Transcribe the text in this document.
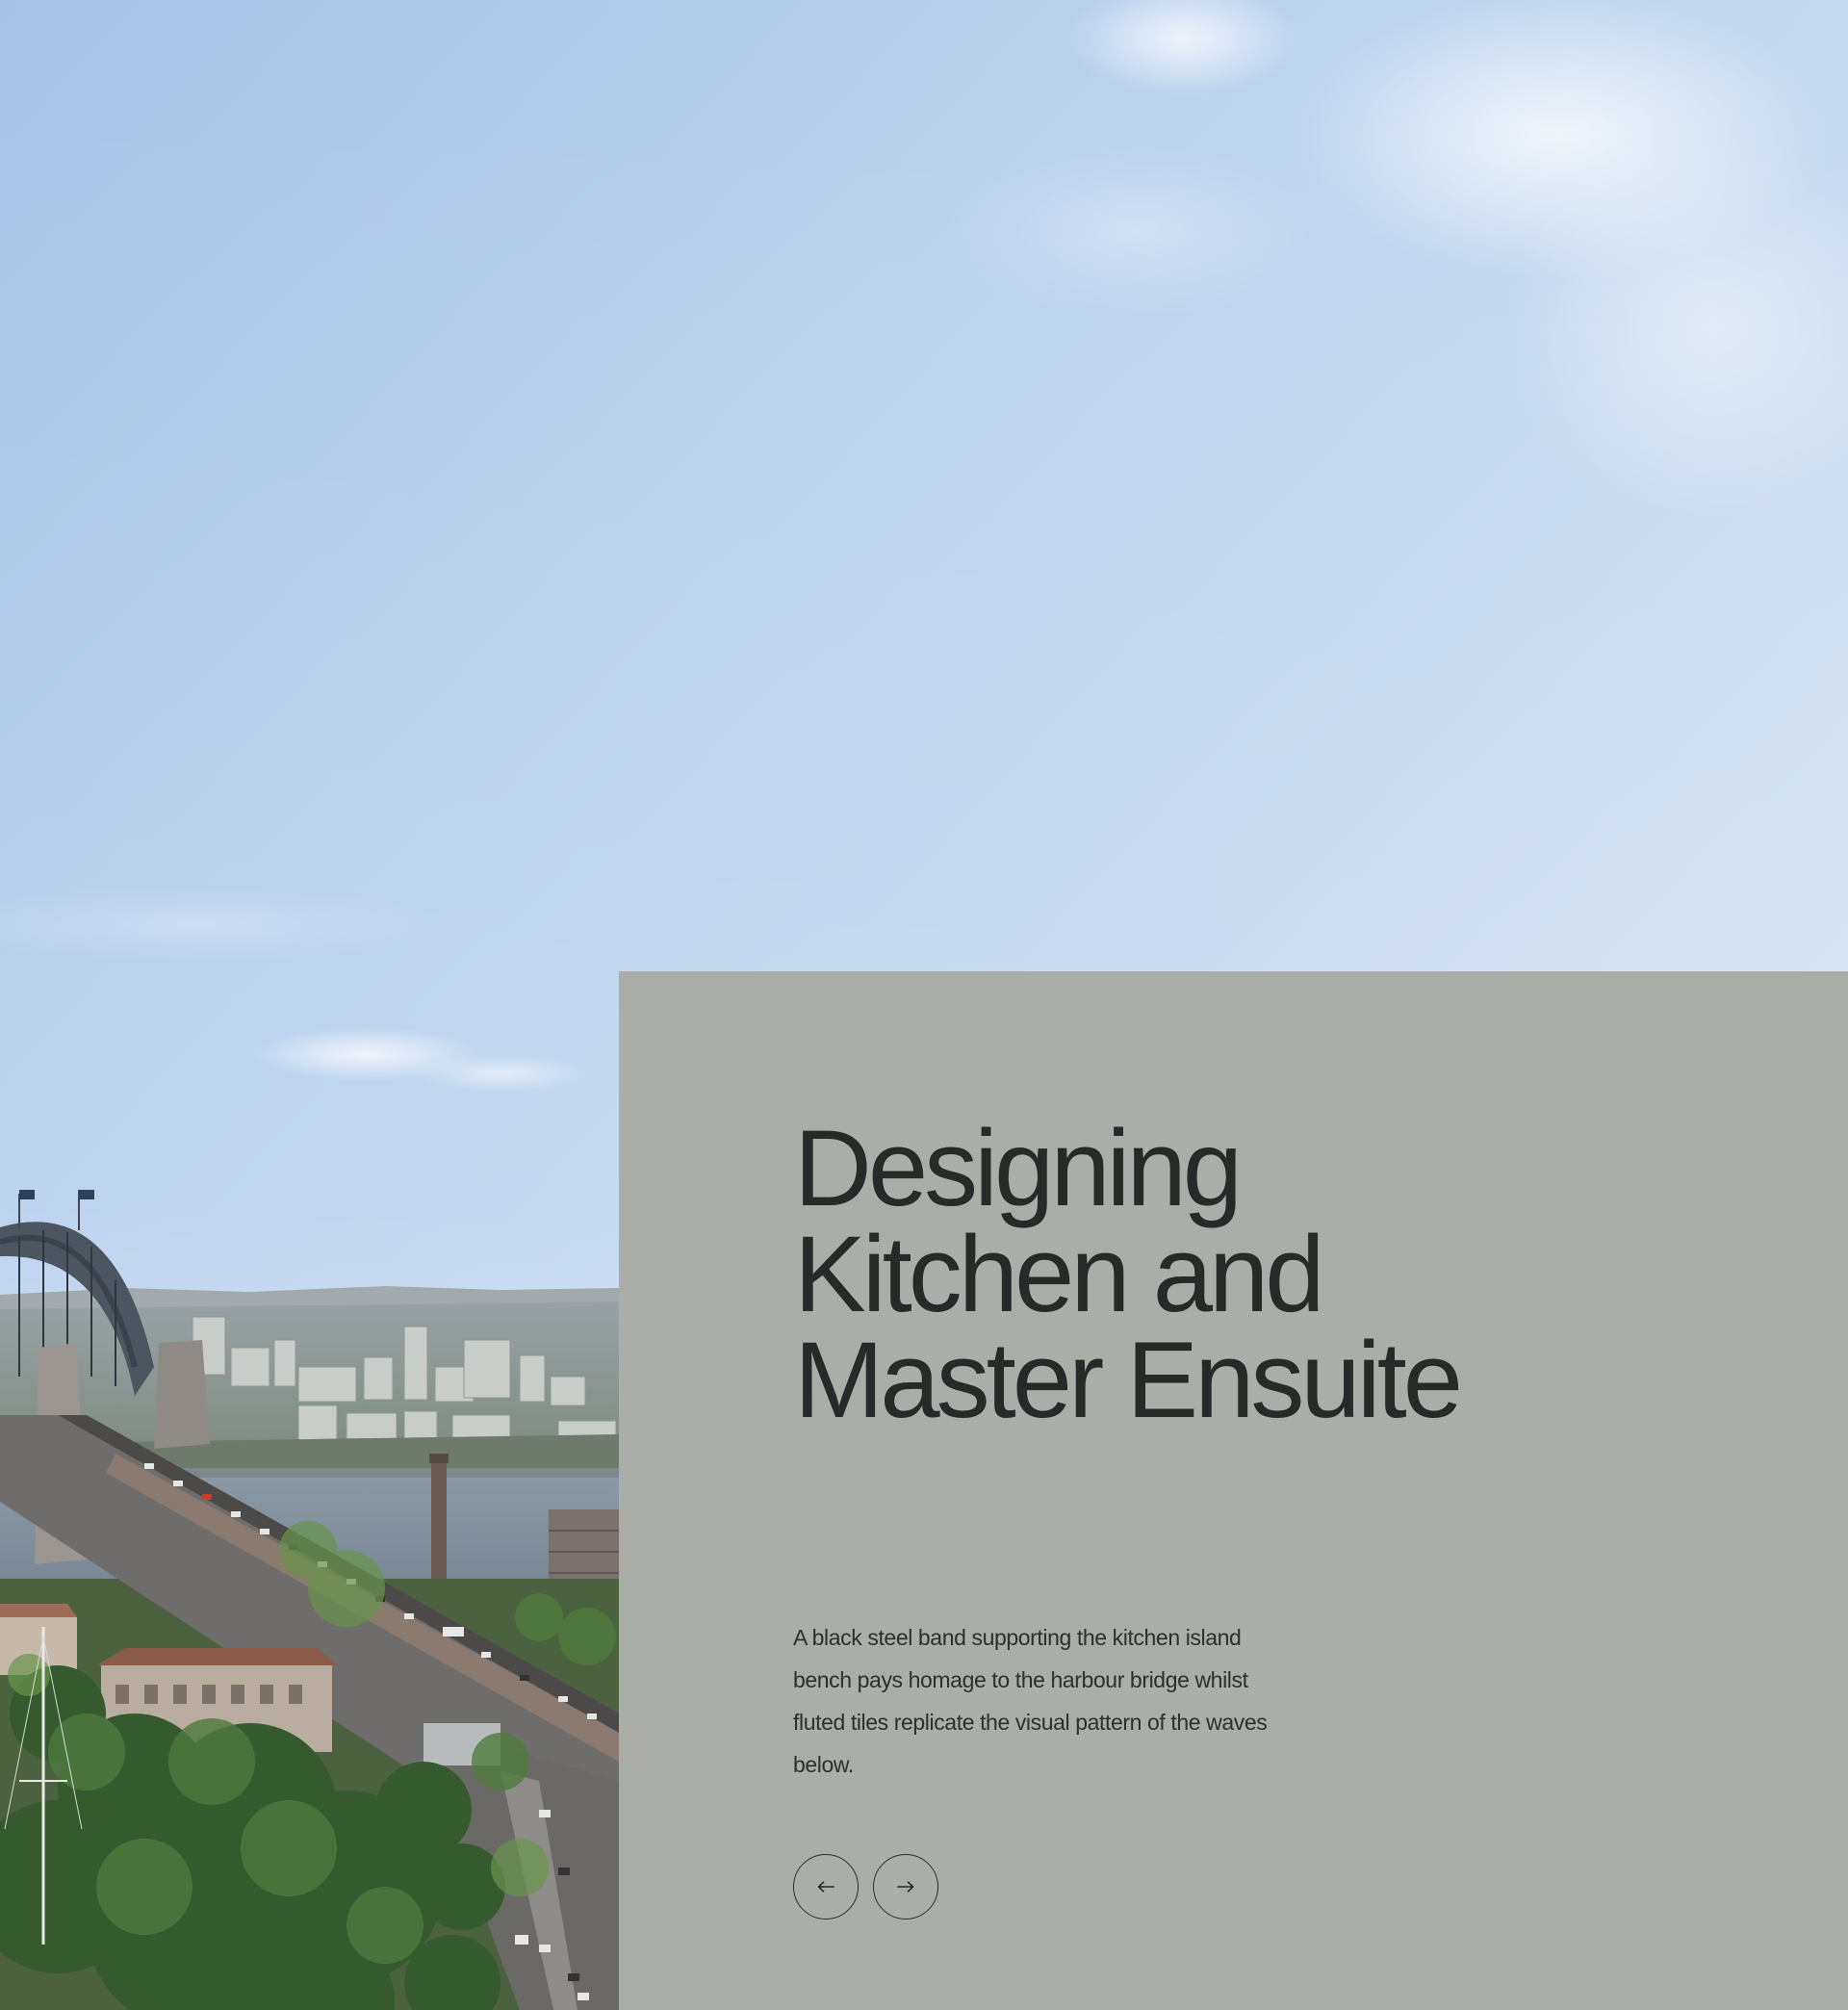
Designing
Kitchen and
Master Ensuite

A black steel band supporting the kitchen island bench pays homage to the harbour bridge whilst fluted tiles replicate the visual pattern of the waves below.
